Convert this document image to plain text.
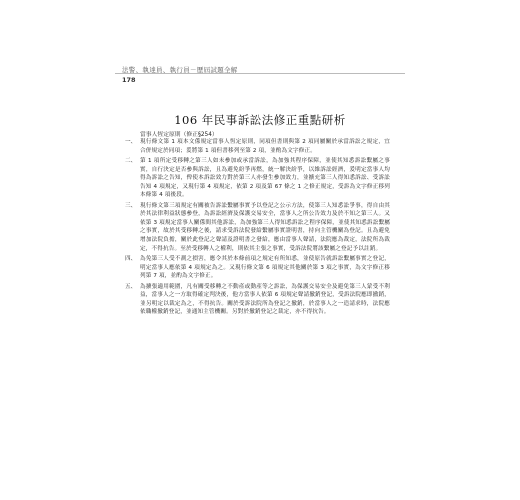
法警、執達員、執行員－歷屆試題全解
178
106 年民事訴訟法修正重點研析
當事人恆定原則（修正§254）
一、 現行條文第 1 項本文係規定當事人恆定原則，同項但書則與第 2 項同屬關於承當訴訟之規定，宜合併規定於同項；爰將第 1 項但書移列至第 2 項，並酌為文字修正。
二、 第 1 項所定受移轉之第三人如未參加或承當訴訟，為加強其程序保障，並使其知悉訴訟繫屬之事實，自行決定是否參與訴訟，且為避免紛爭再燃，統一解決紛爭，以維訴訟經濟，爰明定當事人均得為訴訟之告知，俾使本訴訟效力對於第三人亦發生參加效力，並擴充第三人得知悉訴訟、受訴訟告知 4 項規定，又現行第 4 項規定，依第 2 項及第 67 條之 1 之修正規定，受訴為文字修正移列本條第 4 項後段。
三、 現行條文第三項規定有關被告訴訟繫屬事實予以登記之公示方法，使第三人知悉訟爭事，得自由其於其法律利益狀態參登，為訴訟經濟及保護交易安全，當事人之所公告效力及於不知之第三人。又依第 3 項規定當事人關係間其他訴訟，為加強第三人得知悉訴訟之程序保障，並使其知悉訴訟繫屬之事實，故於其受移轉之後，請求受訴法院發給繫屬事實證明書，持向主管機關為登記。且為避免增加法院負擔，關於此登記之聲請及證明書之發給，應由當事人聲請，法院應為裁定，法院所為裁定，不得抗告。至於受移轉人之權利，則依其主張之事實，受訴法院將該繫屬之登記予以註銷。
四、 為免第三人受不測之損害，應令其於本條前項之規定有所知悉，並使原告就訴訟繫屬事實之登記，明定當事人應依第 4 項規定為之。又現行條文第 6 項規定其他關於第 3 項之事實，為文字修正移列第 7 項，並酌為文字修正。
五、 為擴張適用範圍，凡有關受移轉之不動產或動產等之訴訟，為保護交易安全及避免第三人蒙受不利益，當事人之一方取得確定判決後，他方當事人依第 6 項規定聲請撤銷登記，受訴法院應即撤銷，並另明定以裁定為之，不得抗告。關於受訴法院所為登記之撤銷，於當事人之一造請求時，法院應依職權撤銷登記，並通知主管機關。另對於撤銷登記之裁定，亦不得抗告。
